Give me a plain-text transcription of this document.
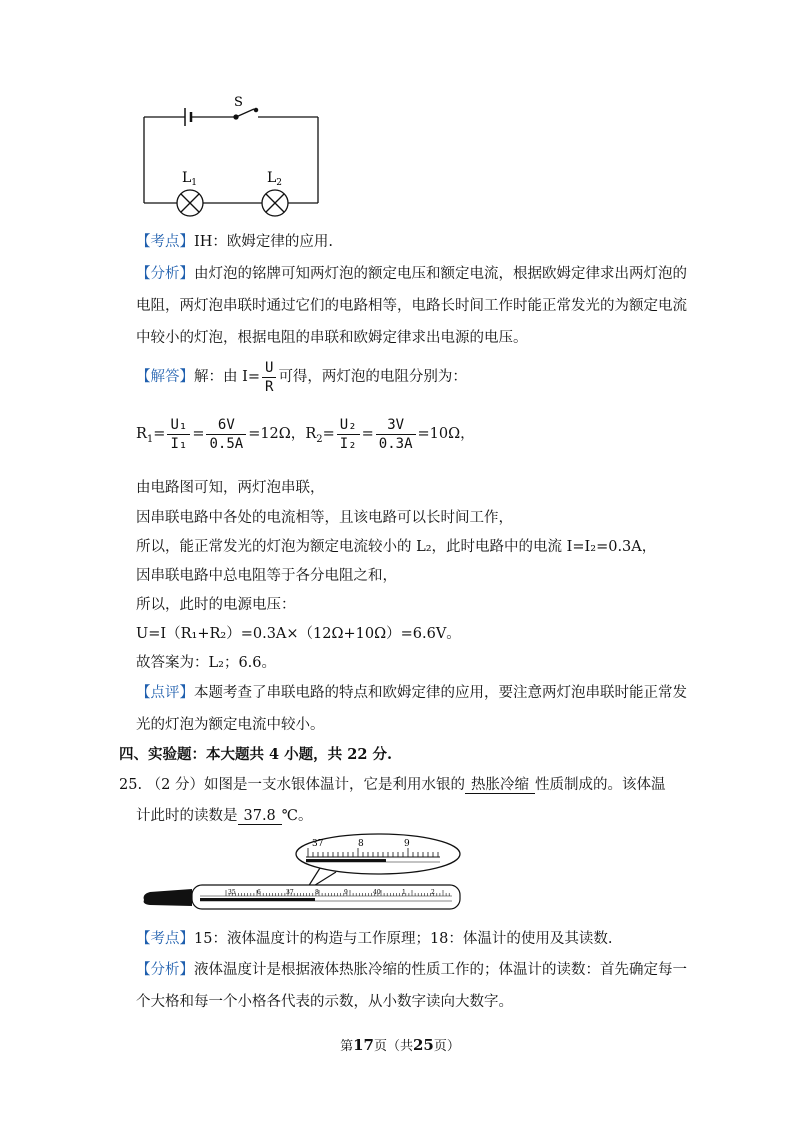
S
$L_1$	$L_2$
【考点】IH：欧姆定律的应用.
【分析】由灯泡的铭牌可知两灯泡的额定电压和额定电流，根据欧姆定律求出两灯泡的
电阻，两灯泡串联时通过它们的电路相等，电路长时间工作时能正常发光的为额定电流
中较小的灯泡，根据电阻的串联和欧姆定律求出电源的电压。
【解答】解：由 $I= \frac{U}{R}$ 可得，两灯泡的电阻分别为：
$R_1= \frac{\text{U₁}}{\text{I₁}} = \frac{6V}{0.5A} =12\Omega$，$R_2= \frac{\text{U₂}}{\text{I₂}} = \frac{3V}{0.3A} =10\Omega$，
由电路图可知，两灯泡串联，
因串联电路中各处的电流相等，且该电路可以长时间工作，
所以，能正常发光的灯泡为额定电流较小的 L₂，此时电路中的电流 I=I₂=0.3A，
因串联电路中总电阻等于各分电阻之和，
所以，此时的电源电压：
U=I（R₁+R₂）=0.3A×（12Ω+10Ω）=6.6V。
故答案为：L₂；6.6。
【点评】本题考查了串联电路的特点和欧姆定律的应用，要注意两灯泡串联时能正常发
光的灯泡为额定电流中较小。
四、实验题：本大题共 4 小题，共 22 分.
25. （2 分）如图是一支水银体温计，它是利用水银的 热胀冷缩 性质制成的。该体温
计此时的读数是 37.8 ℃。
37	8	9
35	6	37	8	9	40	1	2
【考点】15：液体温度计的构造与工作原理；18：体温计的使用及其读数.
【分析】液体温度计是根据液体热胀冷缩的性质工作的；体温计的读数：首先确定每一
个大格和每一个小格各代表的示数，从小数字读向大数字。
第17页（共25页）
